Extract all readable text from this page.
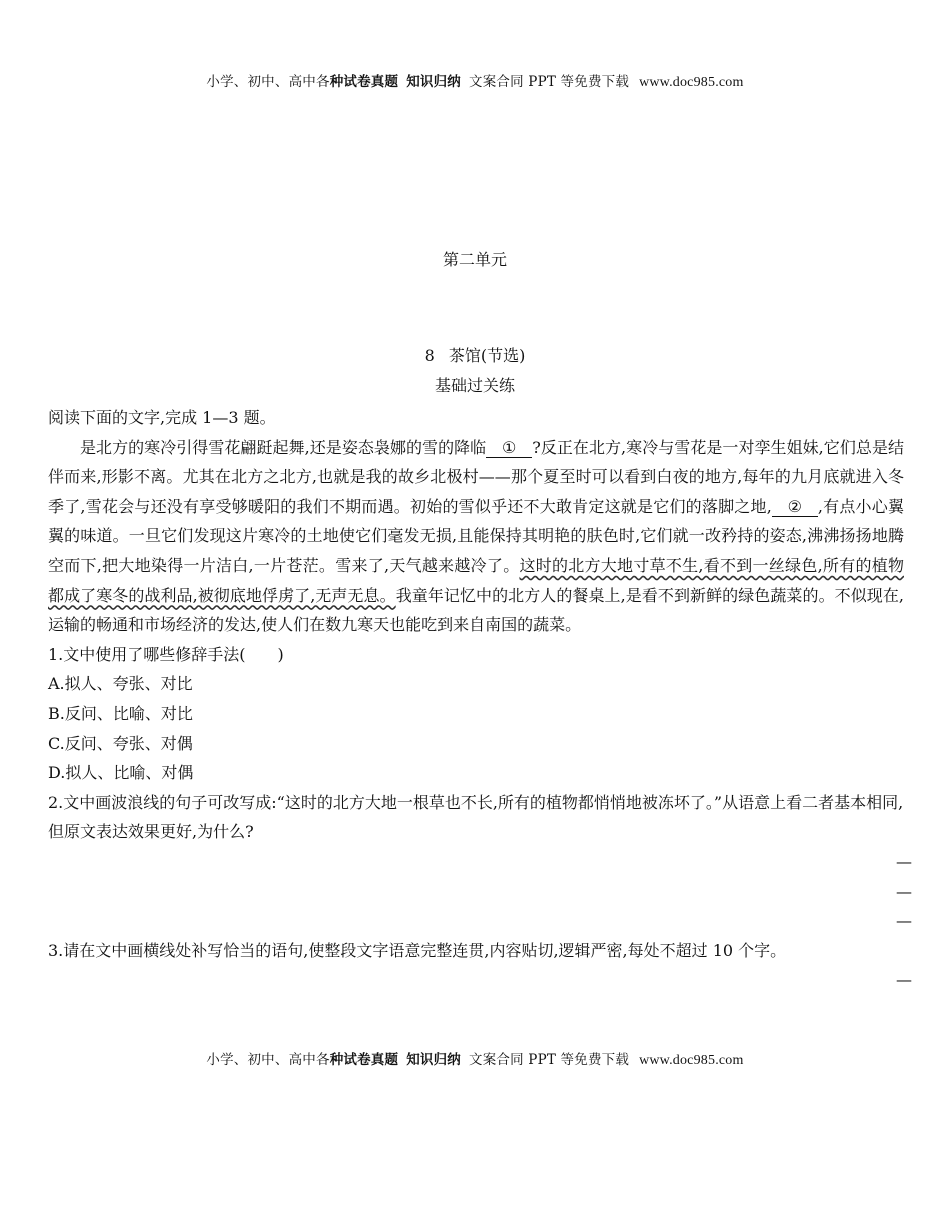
小学、初中、高中各种试卷真题 知识归纳 文案合同 PPT 等免费下载 www.doc985.com
第二单元
8 茶馆(节选)
基础过关练

阅读下面的文字,完成 1—3 题。

是北方的寒冷引得雪花翩跹起舞,还是姿态袅娜的雪的降临 ① ?反正在北方,寒冷与雪花是一对孪生姐妹,它们总是结伴而来,形影不离。尤其在北方之北方,也就是我的故乡北极村——那个夏至时可以看到白夜的地方,每年的九月底就进入冬季了,雪花会与还没有享受够暖阳的我们不期而遇。初始的雪似乎还不大敢肯定这就是它们的落脚之地, ② ,有点小心翼翼的味道。一旦它们发现这片寒冷的土地使它们毫发无损,且能保持其明艳的肤色时,它们就一改矜持的姿态,沸沸扬扬地腾空而下,把大地染得一片洁白,一片苍茫。雪来了,天气越来越冷了。这时的北方大地寸草不生,看不到一丝绿色,所有的植物都成了寒冬的战利品,被彻底地俘虏了,无声无息。我童年记忆中的北方人的餐桌上,是看不到新鲜的绿色蔬菜的。不似现在,运输的畅通和市场经济的发达,使人们在数九寒天也能吃到来自南国的蔬菜。

1.文中使用了哪些修辞手法(　　)

A.拟人、夸张、对比

B.反问、比喻、对比

C.反问、夸张、对偶

D.拟人、比喻、对偶

2.文中画波浪线的句子可改写成:“这时的北方大地一根草也不长,所有的植物都悄悄地被冻坏了。”从语意上看二者基本相同,但原文表达效果更好,为什么?

—
—
—

3.请在文中画横线处补写恰当的语句,使整段文字语意完整连贯,内容贴切,逻辑严密,每处不超过 10 个字。

—
小学、初中、高中各种试卷真题 知识归纳 文案合同 PPT 等免费下载 www.doc985.com
